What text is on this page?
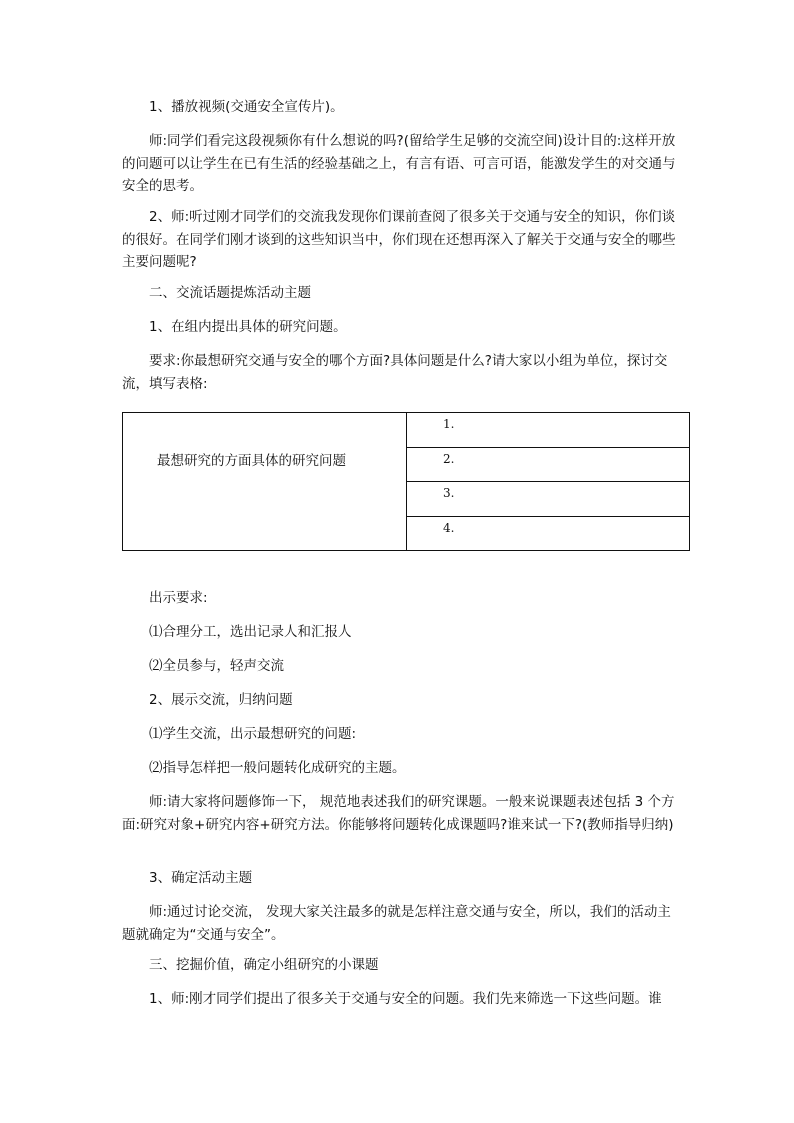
1、播放视频(交通安全宣传片)。
师:同学们看完这段视频你有什么想说的吗?(留给学生足够的交流空间)设计目的:这样开放的问题可以让学生在已有生活的经验基础之上，有言有语、可言可语，能激发学生的对交通与安全的思考。
2、师:听过刚才同学们的交流我发现你们课前查阅了很多关于交通与安全的知识，你们谈的很好。在同学们刚才谈到的这些知识当中，你们现在还想再深入了解关于交通与安全的哪些主要问题呢?
二、交流话题提炼活动主题
1、在组内提出具体的研究问题。
要求:你最想研究交通与安全的哪个方面?具体问题是什么?请大家以小组为单位，探讨交流，填写表格:
最想研究的方面具体的研究问题
1.
2.
3.
4.
出示要求:
⑴合理分工，选出记录人和汇报人
⑵全员参与，轻声交流
2、展示交流，归纳问题
⑴学生交流，出示最想研究的问题:
⑵指导怎样把一般问题转化成研究的主题。
师:请大家将问题修饰一下， 规范地表述我们的研究课题。一般来说课题表述包括 3 个方面:研究对象+研究内容+研究方法。你能够将问题转化成课题吗?谁来试一下?(教师指导归纳)
3、确定活动主题
师:通过讨论交流， 发现大家关注最多的就是怎样注意交通与安全，所以，我们的活动主题就确定为“交通与安全”。
三、挖掘价值，确定小组研究的小课题
1、师:刚才同学们提出了很多关于交通与安全的问题。我们先来筛选一下这些问题。谁
